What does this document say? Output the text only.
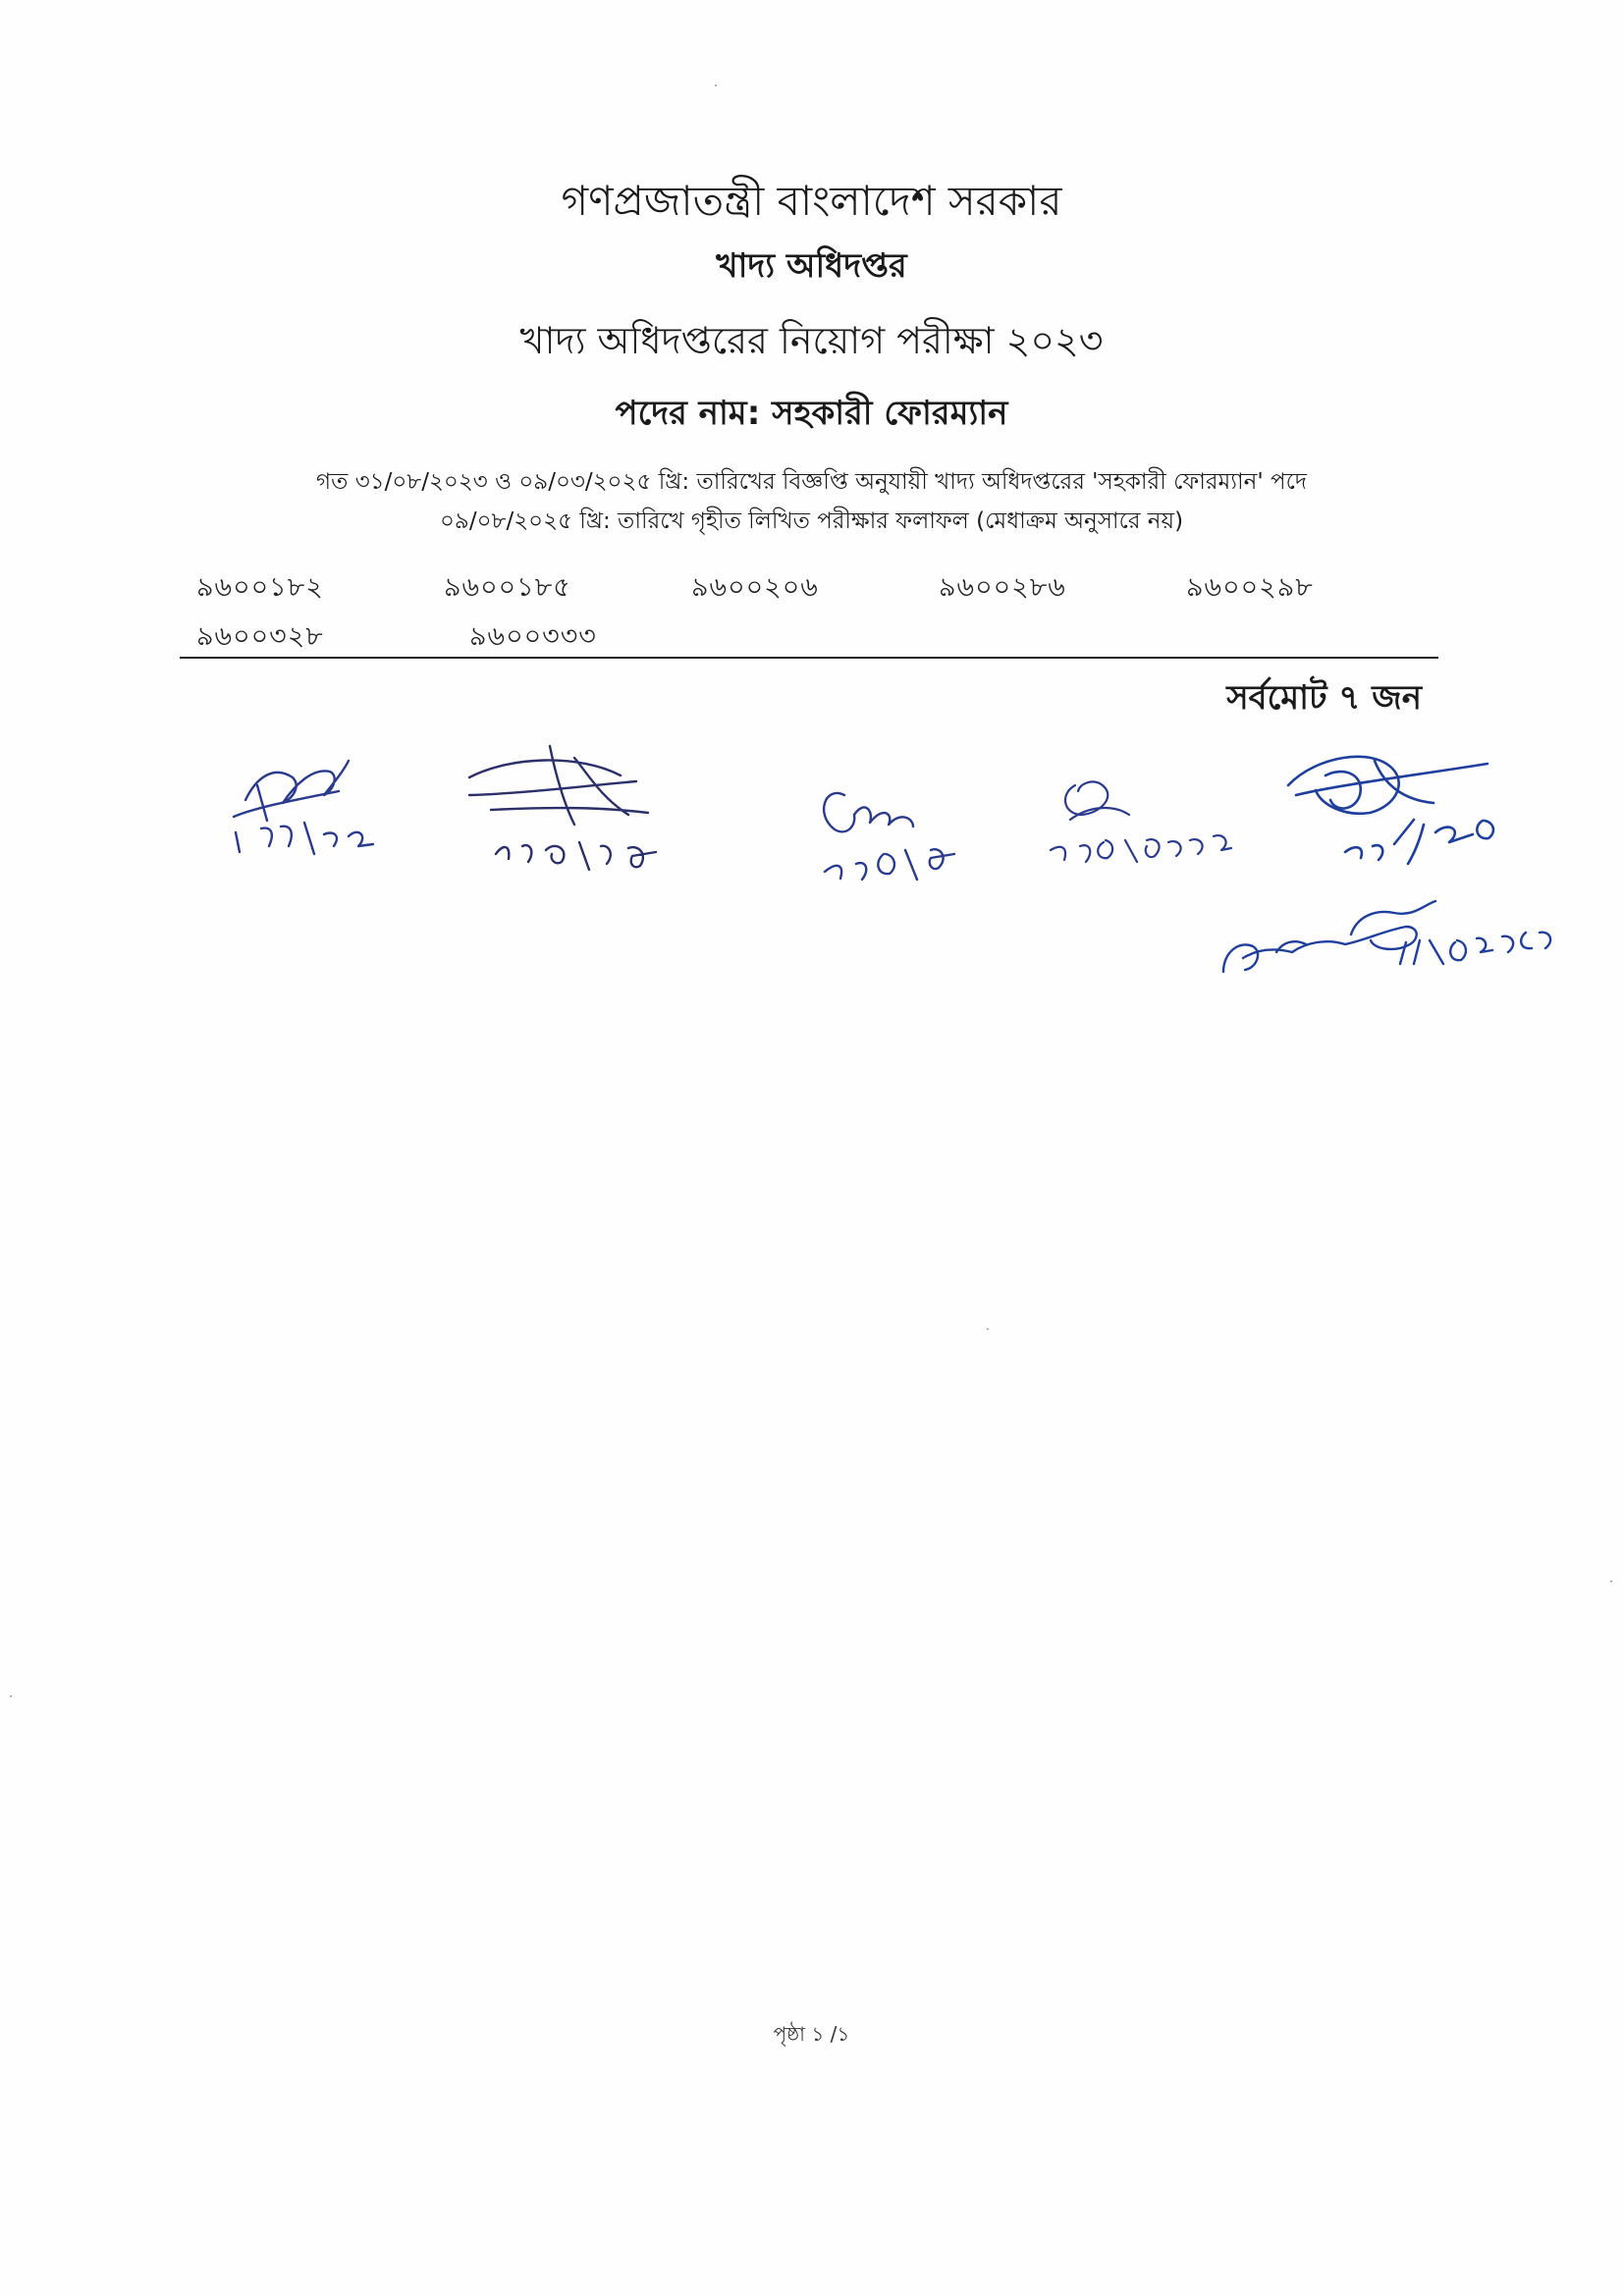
গণপ্রজাতন্ত্রী বাংলাদেশ সরকার
খাদ্য অধিদপ্তর
খাদ্য অধিদপ্তরের নিয়োগ পরীক্ষা ২০২৩
পদের নাম: সহকারী ফোরম্যান
গত ৩১/০৮/২০২৩ ও ০৯/০৩/২০২৫ খ্রি: তারিখের বিজ্ঞপ্তি অনুযায়ী খাদ্য অধিদপ্তরের 'সহকারী ফোরম্যান' পদে
০৯/০৮/২০২৫ খ্রি: তারিখে গৃহীত লিখিত পরীক্ষার ফলাফল (মেধাক্রম অনুসারে নয়)
৯৬০০১৮২	৯৬০০১৮৫	৯৬০০২০৬	৯৬০০২৮৬	৯৬০০২৯৮
৯৬০০৩২৮	৯৬০০৩৩৩
সর্বমোট ৭ জন
পৃষ্ঠা ১ /১
